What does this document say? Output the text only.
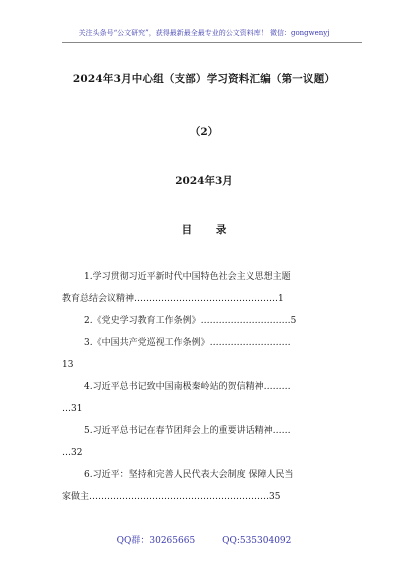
关注头条号“公文研究”，获得最新最全最专业的公文资料库！ 微信：gongwenyj
2024年3月中心组（支部）学习资料汇编（第一议题）
（2）
2024年3月
目 录
1.学习贯彻习近平新时代中国特色社会主义思想主题
教育总结会议精神…………………………………………1
2.《党史学习教育工作条例》…………………………5
3.《中国共产党巡视工作条例》………………………
13
4.习近平总书记致中国南极秦岭站的贺信精神………
…31
5.习近平总书记在春节团拜会上的重要讲话精神……
…32
6.习近平：坚持和完善人民代表大会制度 保障人民当
家做主……………………………………………………35
QQ群：30265665	QQ:535304092
